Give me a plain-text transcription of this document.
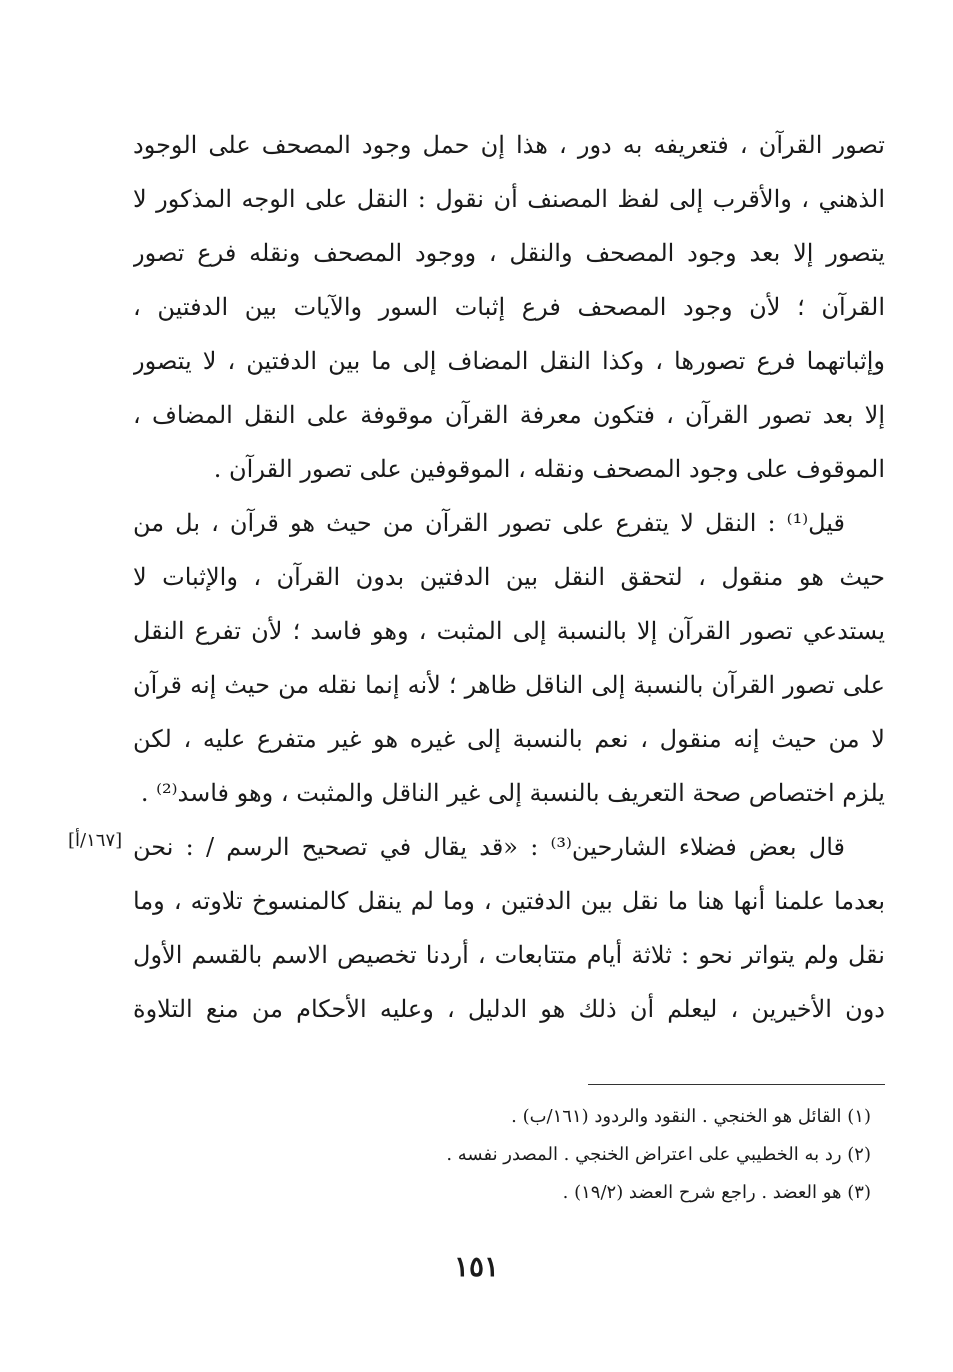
تصور القرآن ، فتعريفه به دور ، هذا إن حمل وجود المصحف على الوجود
الذهني ، والأقرب إلى لفظ المصنف أن نقول : النقل على الوجه المذكور لا
يتصور إلا بعد وجود المصحف والنقل ، ووجود المصحف ونقله فرع تصور
القرآن ؛ لأن وجود المصحف فرع إثبات السور والآيات بين الدفتين ،
وإثباتهما فرع تصورها ، وكذا النقل المضاف إلى ما بين الدفتين ، لا يتصور
إلا بعد تصور القرآن ، فتكون معرفة القرآن موقوفة على النقل المضاف ،
الموقوف على وجود المصحف ونقله ، الموقوفين على تصور القرآن .
قيل⁽¹⁾ : النقل لا يتفرع على تصور القرآن من حيث هو قرآن ، بل من
حيث هو منقول ، لتحقق النقل بين الدفتين بدون القرآن ، والإثبات لا
يستدعي تصور القرآن إلا بالنسبة إلى المثبت ، وهو فاسد ؛ لأن تفرع النقل
على تصور القرآن بالنسبة إلى الناقل ظاهر ؛ لأنه إنما نقله من حيث إنه قرآن
لا من حيث إنه منقول ، نعم بالنسبة إلى غيره هو غير متفرع عليه ، لكن
يلزم اختصاص صحة التعريف بالنسبة إلى غير الناقل والمثبت ، وهو فاسد⁽²⁾ .
قال بعض فضلاء الشارحين⁽³⁾ : «قد يقال في تصحيح الرسم / : نحن
بعدما علمنا أنها هنا ما نقل بين الدفتين ، وما لم ينقل كالمنسوخ تلاوته ، وما
نقل ولم يتواتر نحو : ثلاثة أيام متتابعات ، أردنا تخصيص الاسم بالقسم الأول
دون الأخيرين ، ليعلم أن ذلك هو الدليل ، وعليه الأحكام من منع التلاوة
[١٦٧/أ]
(١) القائل هو الخنجي . النقود والردود (١٦١/ب) .
(٢) رد به الخطيبي على اعتراض الخنجي . المصدر نفسه .
(٣) هو العضد . راجع شرح العضد (١٩/٢) .
١٥١
